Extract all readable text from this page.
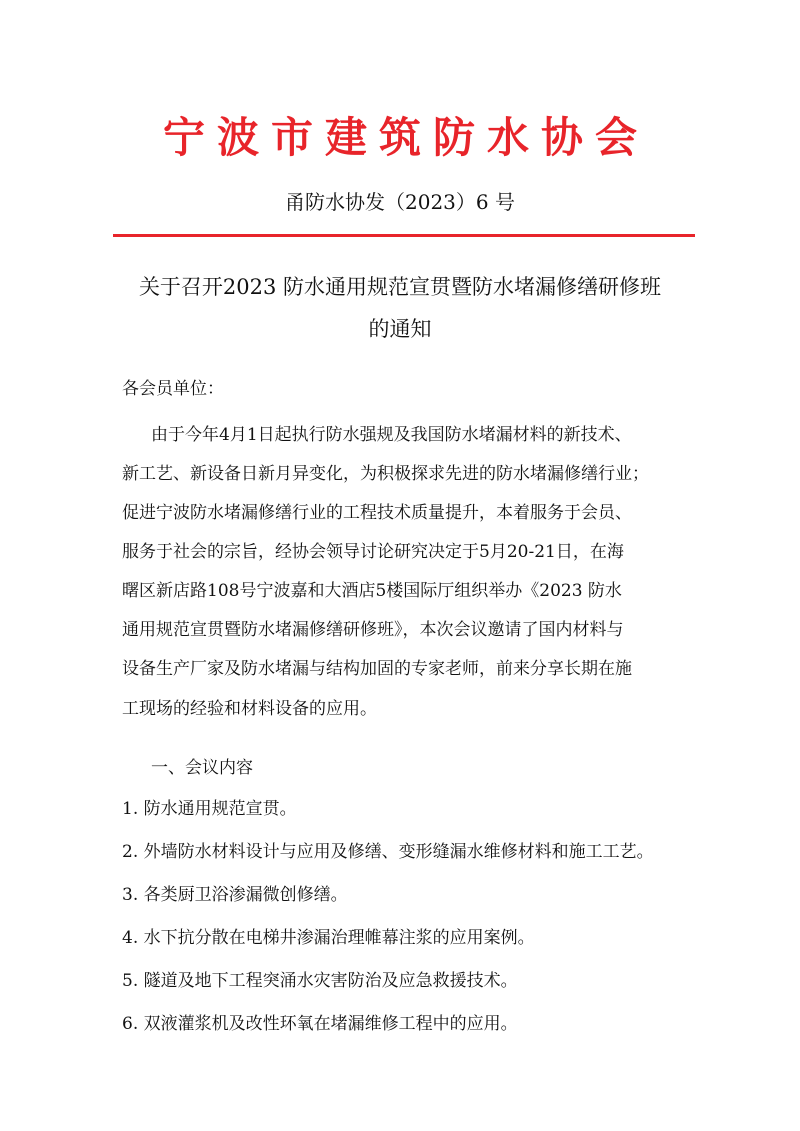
宁波市建筑防水协会
甬防水协发（2023）6 号
关于召开2023 防水通用规范宣贯暨防水堵漏修缮研修班
的通知
各会员单位：
由于今年4月1日起执行防水强规及我国防水堵漏材料的新技术、
新工艺、新设备日新月异变化，为积极探求先进的防水堵漏修缮行业；
促进宁波防水堵漏修缮行业的工程技术质量提升，本着服务于会员、
服务于社会的宗旨，经协会领导讨论研究决定于5月20-21日，在海
曙区新店路108号宁波嘉和大酒店5楼国际厅组织举办《2023 防水
通用规范宣贯暨防水堵漏修缮研修班》，本次会议邀请了国内材料与
设备生产厂家及防水堵漏与结构加固的专家老师，前来分享长期在施
工现场的经验和材料设备的应用。
一、会议内容
1. 防水通用规范宣贯。
2. 外墙防水材料设计与应用及修缮、变形缝漏水维修材料和施工工艺。
3. 各类厨卫浴渗漏微创修缮。
4. 水下抗分散在电梯井渗漏治理帷幕注浆的应用案例。
5. 隧道及地下工程突涌水灾害防治及应急救援技术。
6. 双液灌浆机及改性环氧在堵漏维修工程中的应用。
